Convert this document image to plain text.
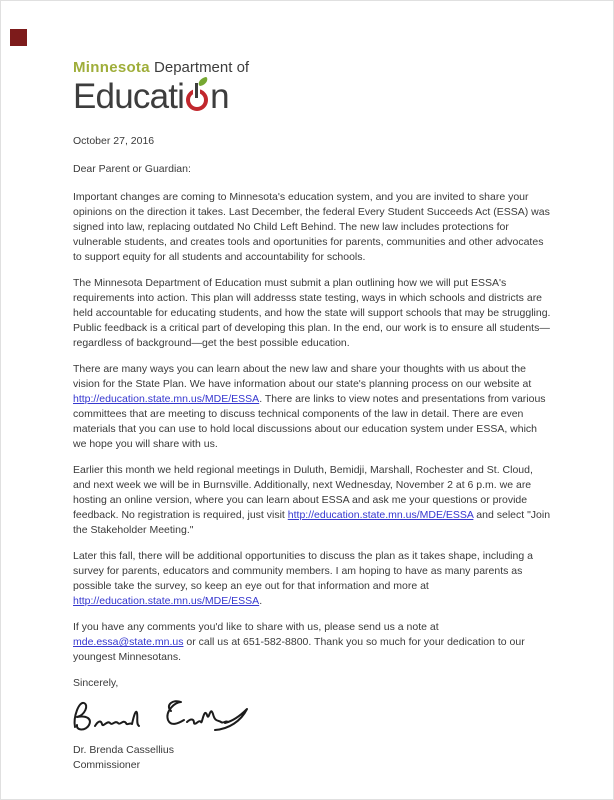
Minnesota Department of
Educati n

October 27, 2016

Dear Parent or Guardian:

Important changes are coming to Minnesota's education system, and you are invited to share your opinions on the direction it takes. Last December, the federal Every Student Succeeds Act (ESSA) was signed into law, replacing outdated No Child Left Behind. The new law includes protections for vulnerable students, and creates tools and oportunities for parents, communities and other advocates to support equity for all students and accountability for schools.

The Minnesota Department of Education must submit a plan outlining how we will put ESSA's requirements into action. This plan will addresss state testing, ways in which schools and districts are held accountable for educating students, and how the state will support schools that may be struggling. Public feedback is a critical part of developing this plan. In the end, our work is to ensure all students—regardless of background—get the best possible education.

There are many ways you can learn about the new law and share your thoughts with us about the vision for the State Plan. We have information about our state's planning process on our website at http://education.state.mn.us/MDE/ESSA. There are links to view notes and presentations from various committees that are meeting to discuss technical components of the law in detail. There are even materials that you can use to hold local discussions about our education system under ESSA, which we hope you will share with us.

Earlier this month we held regional meetings in Duluth, Bemidji, Marshall, Rochester and St. Cloud, and next week we will be in Burnsville. Additionally, next Wednesday, November 2 at 6 p.m. we are hosting an online version, where you can learn about ESSA and ask me your questions or provide feedback. No registration is required, just visit http://education.state.mn.us/MDE/ESSA and select "Join the Stakeholder Meeting."

Later this fall, there will be additional opportunities to discuss the plan as it takes shape, including a survey for parents, educators and community members. I am hoping to have as many parents as possible take the survey, so keep an eye out for that information and more at http://education.state.mn.us/MDE/ESSA.

If you have any comments you'd like to share with us, please send us a note at mde.essa@state.mn.us or call us at 651-582-8800. Thank you so much for your dedication to our youngest Minnesotans.

Sincerely,

Dr. Brenda Cassellius
Commissioner
